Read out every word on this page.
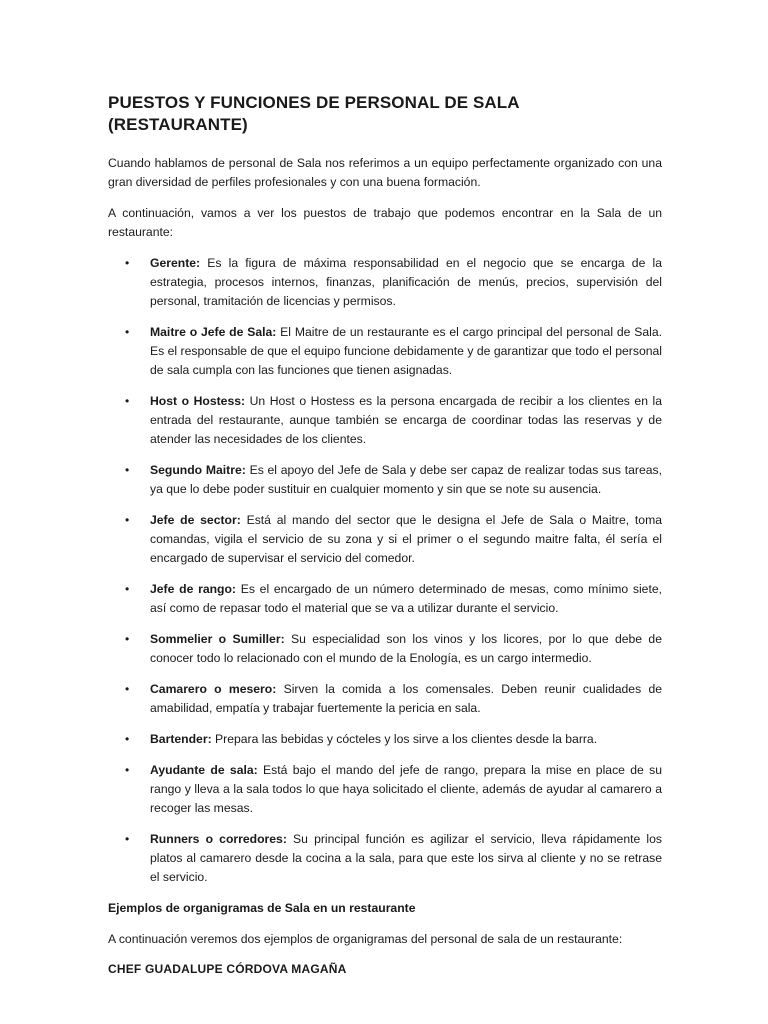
PUESTOS Y FUNCIONES DE PERSONAL DE SALA (RESTAURANTE)

Cuando hablamos de personal de Sala nos referimos a un equipo perfectamente organizado con una gran diversidad de perfiles profesionales y con una buena formación.

A continuación, vamos a ver los puestos de trabajo que podemos encontrar en la Sala de un restaurante:

• Gerente: Es la figura de máxima responsabilidad en el negocio que se encarga de la estrategia, procesos internos, finanzas, planificación de menús, precios, supervisión del personal, tramitación de licencias y permisos.
• Maitre o Jefe de Sala: El Maitre de un restaurante es el cargo principal del personal de Sala. Es el responsable de que el equipo funcione debidamente y de garantizar que todo el personal de sala cumpla con las funciones que tienen asignadas.
• Host o Hostess: Un Host o Hostess es la persona encargada de recibir a los clientes en la entrada del restaurante, aunque también se encarga de coordinar todas las reservas y de atender las necesidades de los clientes.
• Segundo Maitre: Es el apoyo del Jefe de Sala y debe ser capaz de realizar todas sus tareas, ya que lo debe poder sustituir en cualquier momento y sin que se note su ausencia.
• Jefe de sector: Está al mando del sector que le designa el Jefe de Sala o Maitre, toma comandas, vigila el servicio de su zona y si el primer o el segundo maitre falta, él sería el encargado de supervisar el servicio del comedor.
• Jefe de rango: Es el encargado de un número determinado de mesas, como mínimo siete, así como de repasar todo el material que se va a utilizar durante el servicio.
• Sommelier o Sumiller: Su especialidad son los vinos y los licores, por lo que debe de conocer todo lo relacionado con el mundo de la Enología, es un cargo intermedio.
• Camarero o mesero: Sirven la comida a los comensales. Deben reunir cualidades de amabilidad, empatía y trabajar fuertemente la pericia en sala.
• Bartender: Prepara las bebidas y cócteles y los sirve a los clientes desde la barra.
• Ayudante de sala: Está bajo el mando del jefe de rango, prepara la mise en place de su rango y lleva a la sala todos lo que haya solicitado el cliente, además de ayudar al camarero a recoger las mesas.
• Runners o corredores: Su principal función es agilizar el servicio, lleva rápidamente los platos al camarero desde la cocina a la sala, para que este los sirva al cliente y no se retrase el servicio.

Ejemplos de organigramas de Sala en un restaurante

A continuación veremos dos ejemplos de organigramas del personal de sala de un restaurante:

CHEF GUADALUPE CÓRDOVA MAGAÑA
